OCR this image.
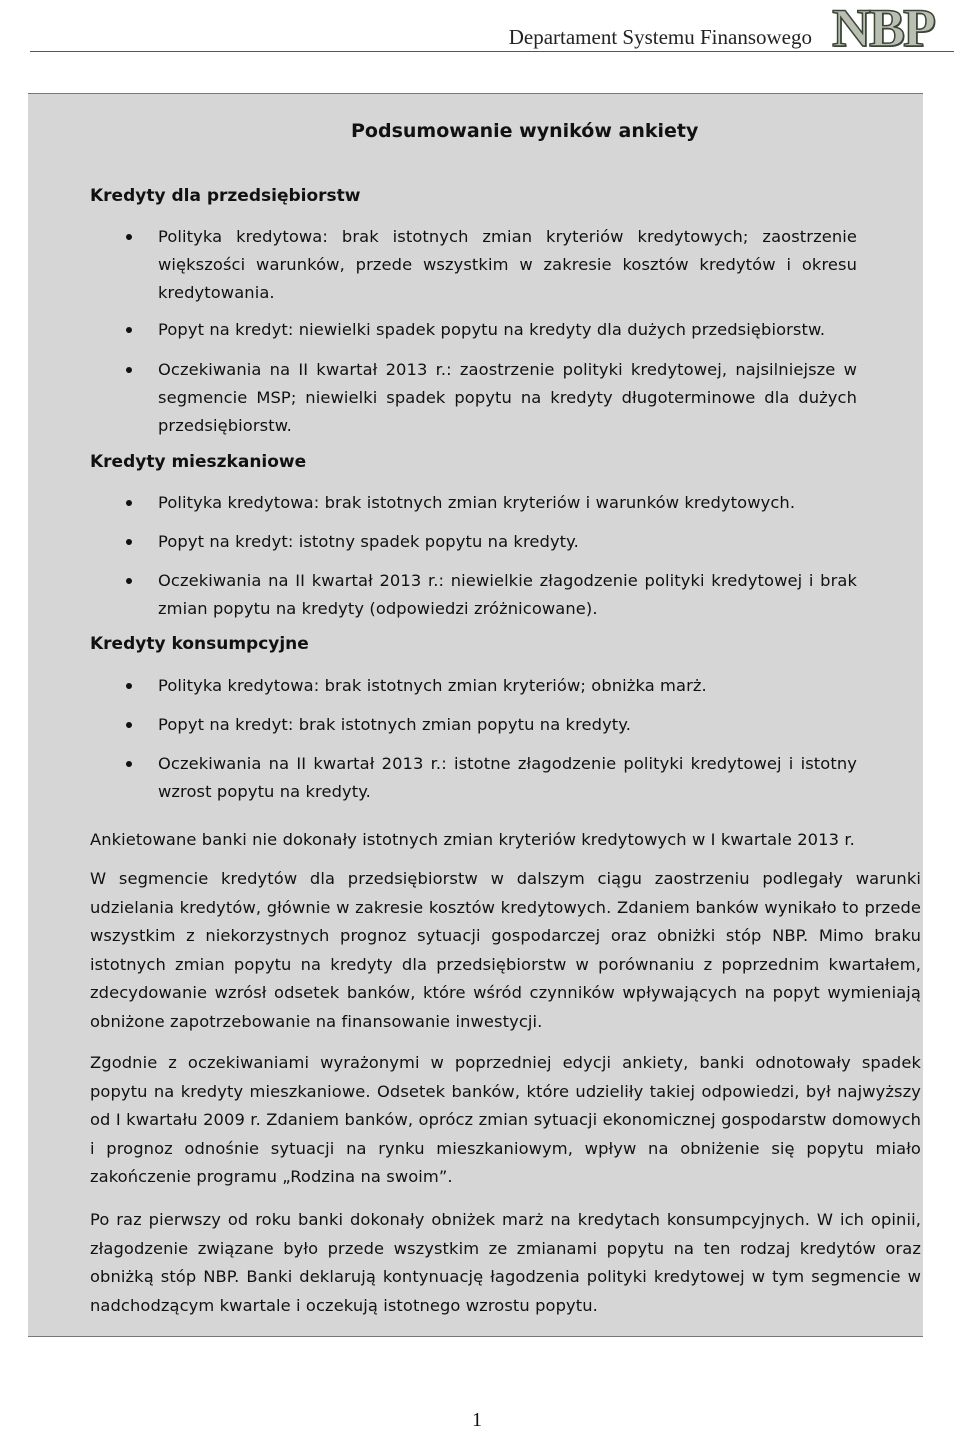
Departament Systemu Finansowego NBP
Podsumowanie wyników ankiety
Kredyty dla przedsiębiorstw
Polityka kredytowa: brak istotnych zmian kryteriów kredytowych; zaostrzenie większości warunków, przede wszystkim w zakresie kosztów kredytów i okresu kredytowania.
Popyt na kredyt: niewielki spadek popytu na kredyty dla dużych przedsiębiorstw.
Oczekiwania na II kwartał 2013 r.: zaostrzenie polityki kredytowej, najsilniejsze w segmencie MSP; niewielki spadek popytu na kredyty długoterminowe dla dużych przedsiębiorstw.
Kredyty mieszkaniowe
Polityka kredytowa: brak istotnych zmian kryteriów i warunków kredytowych.
Popyt na kredyt: istotny spadek popytu na kredyty.
Oczekiwania na II kwartał 2013 r.: niewielkie złagodzenie polityki kredytowej i brak zmian popytu na kredyty (odpowiedzi zróżnicowane).
Kredyty konsumpcyjne
Polityka kredytowa: brak istotnych zmian kryteriów; obniżka marż.
Popyt na kredyt: brak istotnych zmian popytu na kredyty.
Oczekiwania na II kwartał 2013 r.: istotne złagodzenie polityki kredytowej i istotny wzrost popytu na kredyty.

Ankietowane banki nie dokonały istotnych zmian kryteriów kredytowych w I kwartale 2013 r.

W segmencie kredytów dla przedsiębiorstw w dalszym ciągu zaostrzeniu podlegały warunki udzielania kredytów, głównie w zakresie kosztów kredytowych. Zdaniem banków wynikało to przede wszystkim z niekorzystnych prognoz sytuacji gospodarczej oraz obniżki stóp NBP. Mimo braku istotnych zmian popytu na kredyty dla przedsiębiorstw w porównaniu z poprzednim kwartałem, zdecydowanie wzrósł odsetek banków, które wśród czynników wpływających na popyt wymieniają obniżone zapotrzebowanie na finansowanie inwestycji.

Zgodnie z oczekiwaniami wyrażonymi w poprzedniej edycji ankiety, banki odnotowały spadek popytu na kredyty mieszkaniowe. Odsetek banków, które udzieliły takiej odpowiedzi, był najwyższy od I kwartału 2009 r. Zdaniem banków, oprócz zmian sytuacji ekonomicznej gospodarstw domowych i prognoz odnośnie sytuacji na rynku mieszkaniowym, wpływ na obniżenie się popytu miało zakończenie programu „Rodzina na swoim”.

Po raz pierwszy od roku banki dokonały obniżek marż na kredytach konsumpcyjnych. W ich opinii, złagodzenie związane było przede wszystkim ze zmianami popytu na ten rodzaj kredytów oraz obniżką stóp NBP. Banki deklarują kontynuację łagodzenia polityki kredytowej w tym segmencie w nadchodzącym kwartale i oczekują istotnego wzrostu popytu.

1
